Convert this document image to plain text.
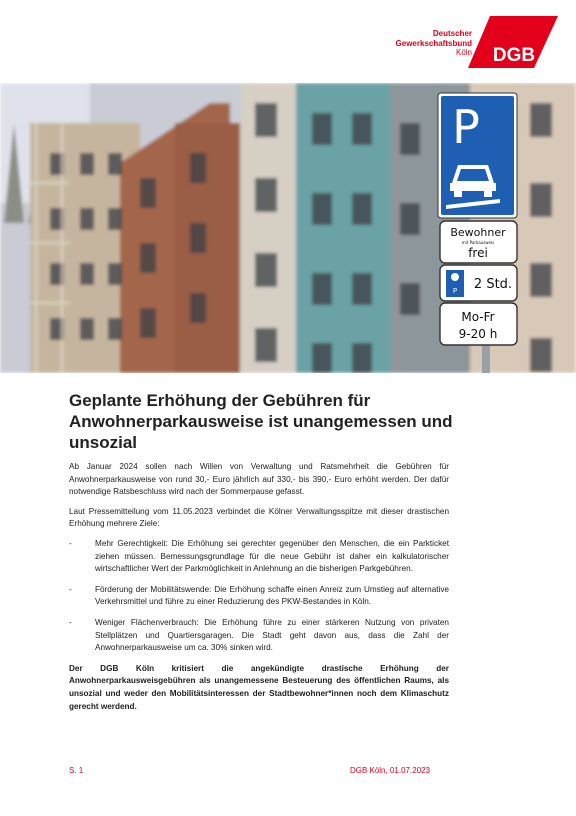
Deutscher
Gewerkschaftsbund
Köln DGB
P
Bewohner
mit Parkausweis
frei
P 2 Std.
Mo-Fr
9-20 h
Geplante Erhöhung der Gebühren für Anwohnerparkausweise ist unangemessen und unsozial

Ab Januar 2024 sollen nach Willen von Verwaltung und Ratsmehrheit die Gebühren für Anwohnerparkausweise von rund 30,- Euro jährlich auf 330,- bis 390,- Euro erhöht werden. Der dafür notwendige Ratsbeschluss wird nach der Sommerpause gefasst.

Laut Pressemitteilung vom 11.05.2023 verbindet die Kölner Verwaltungsspitze mit dieser drastischen Erhöhung mehrere Ziele:

-	Mehr Gerechtigkeit: Die Erhöhung sei gerechter gegenüber den Menschen, die ein Parkticket ziehen müssen. Bemessungsgrundlage für die neue Gebühr ist daher ein kalkulatorischer wirtschaftlicher Wert der Parkmöglichkeit in Anlehnung an die bisherigen Parkgebühren.
-	Förderung der Mobilitätswende: Die Erhöhung schaffe einen Anreiz zum Umstieg auf alternative Verkehrsmittel und führe zu einer Reduzierung des PKW-Bestandes in Köln.
-	Weniger Flächenverbrauch: Die Erhöhung führe zu einer stärkeren Nutzung von privaten Stellplätzen und Quartiersgaragen. Die Stadt geht davon aus, dass die Zahl der Anwohnerparkausweise um ca. 30% sinken wird.

Der DGB Köln kritisiert die angekündigte drastische Erhöhung der Anwohnerparkausweisgebühren als unangemessene Besteuerung des öffentlichen Raums, als unsozial und weder den Mobilitätsinteressen der Stadtbewohner*innen noch dem Klimaschutz gerecht werdend.

S. 1	DGB Köln, 01.07.2023
